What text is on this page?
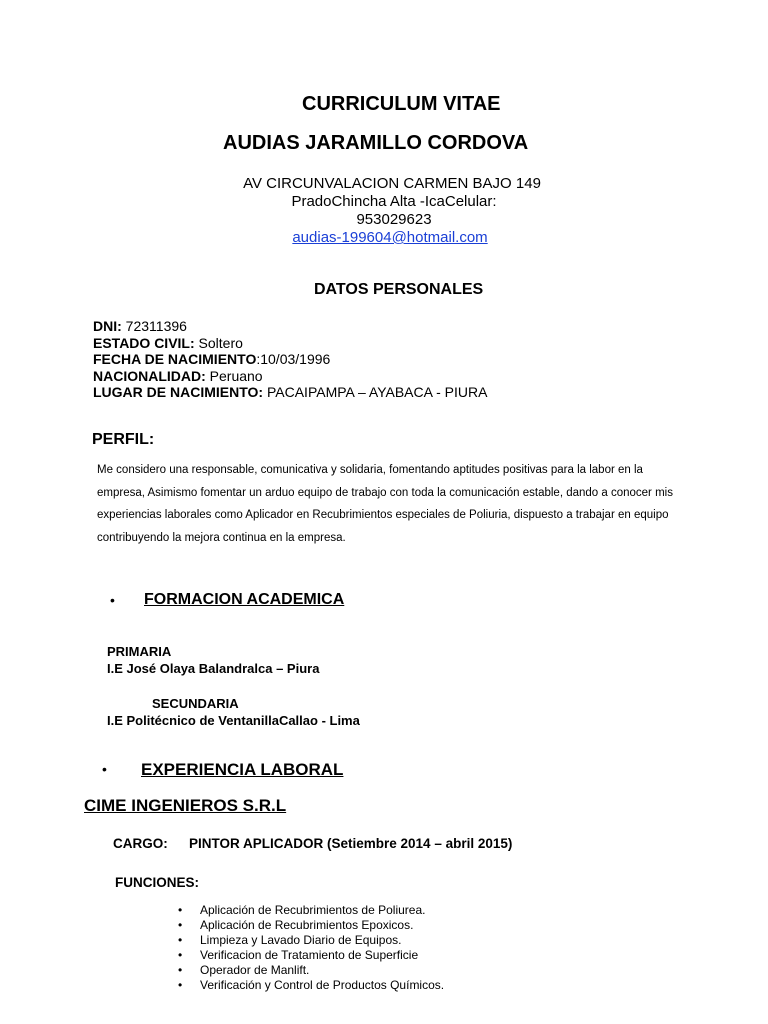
CURRICULUM VITAE
AUDIAS JARAMILLO CORDOVA
AV CIRCUNVALACION CARMEN BAJO 149
PradoChincha Alta -IcaCelular:
953029623
audias-199604@hotmail.com
DATOS PERSONALES
DNI: 72311396
ESTADO CIVIL: Soltero
FECHA DE NACIMIENTO:10/03/1996
NACIONALIDAD: Peruano
LUGAR DE NACIMIENTO: PACAIPAMPA – AYABACA - PIURA
PERFIL:
Me considero una responsable, comunicativa y solidaria, fomentando aptitudes positivas para la labor en la empresa, Asimismo fomentar un arduo equipo de trabajo con toda la comunicación estable, dando a conocer mis experiencias laborales como Aplicador en Recubrimientos especiales de Poliuria, dispuesto a trabajar en equipo contribuyendo la mejora continua en la empresa.
• FORMACION ACADEMICA
PRIMARIA
I.E José Olaya Balandralca – Piura
SECUNDARIA
I.E Politécnico de VentanillaCallao - Lima
• EXPERIENCIA LABORAL
CIME INGENIEROS S.R.L
CARGO: PINTOR APLICADOR (Setiembre 2014 – abril 2015)
FUNCIONES:
• Aplicación de Recubrimientos de Poliurea.
• Aplicación de Recubrimientos Epoxicos.
• Limpieza y Lavado Diario de Equipos.
• Verificacion de Tratamiento de Superficie
• Operador de Manlift.
• Verificación y Control de Productos Químicos.
